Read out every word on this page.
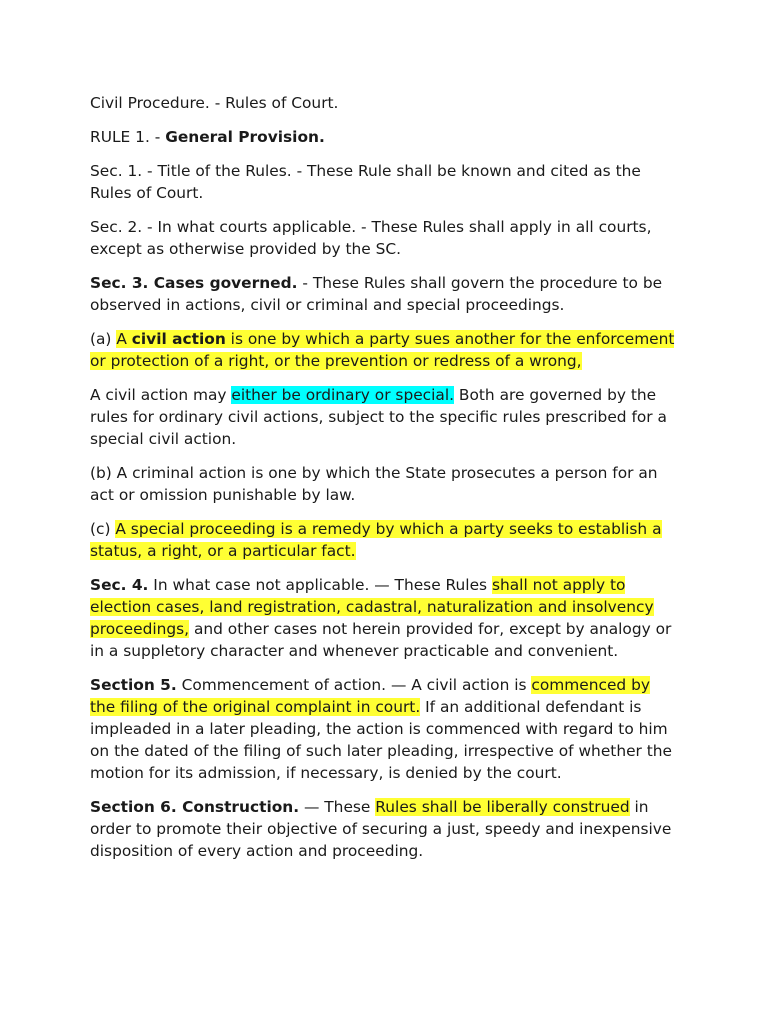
Civil Procedure. - Rules of Court.

RULE 1. - General Provision.

Sec. 1. - Title of the Rules. - These Rule shall be known and cited as the Rules of Court.

Sec. 2. - In what courts applicable. - These Rules shall apply in all courts, except as otherwise provided by the SC.

Sec. 3. Cases governed. - These Rules shall govern the procedure to be observed in actions, civil or criminal and special proceedings.

(a) A civil action is one by which a party sues another for the enforcement or protection of a right, or the prevention or redress of a wrong,

A civil action may either be ordinary or special. Both are governed by the rules for ordinary civil actions, subject to the specific rules prescribed for a special civil action.

(b) A criminal action is one by which the State prosecutes a person for an act or omission punishable by law.

(c) A special proceeding is a remedy by which a party seeks to establish a status, a right, or a particular fact.

Sec. 4. In what case not applicable. — These Rules shall not apply to election cases, land registration, cadastral, naturalization and insolvency proceedings, and other cases not herein provided for, except by analogy or in a suppletory character and whenever practicable and convenient.

Section 5. Commencement of action. — A civil action is commenced by the filing of the original complaint in court. If an additional defendant is impleaded in a later pleading, the action is commenced with regard to him on the dated of the filing of such later pleading, irrespective of whether the motion for its admission, if necessary, is denied by the court.

Section 6. Construction. — These Rules shall be liberally construed in order to promote their objective of securing a just, speedy and inexpensive disposition of every action and proceeding.
